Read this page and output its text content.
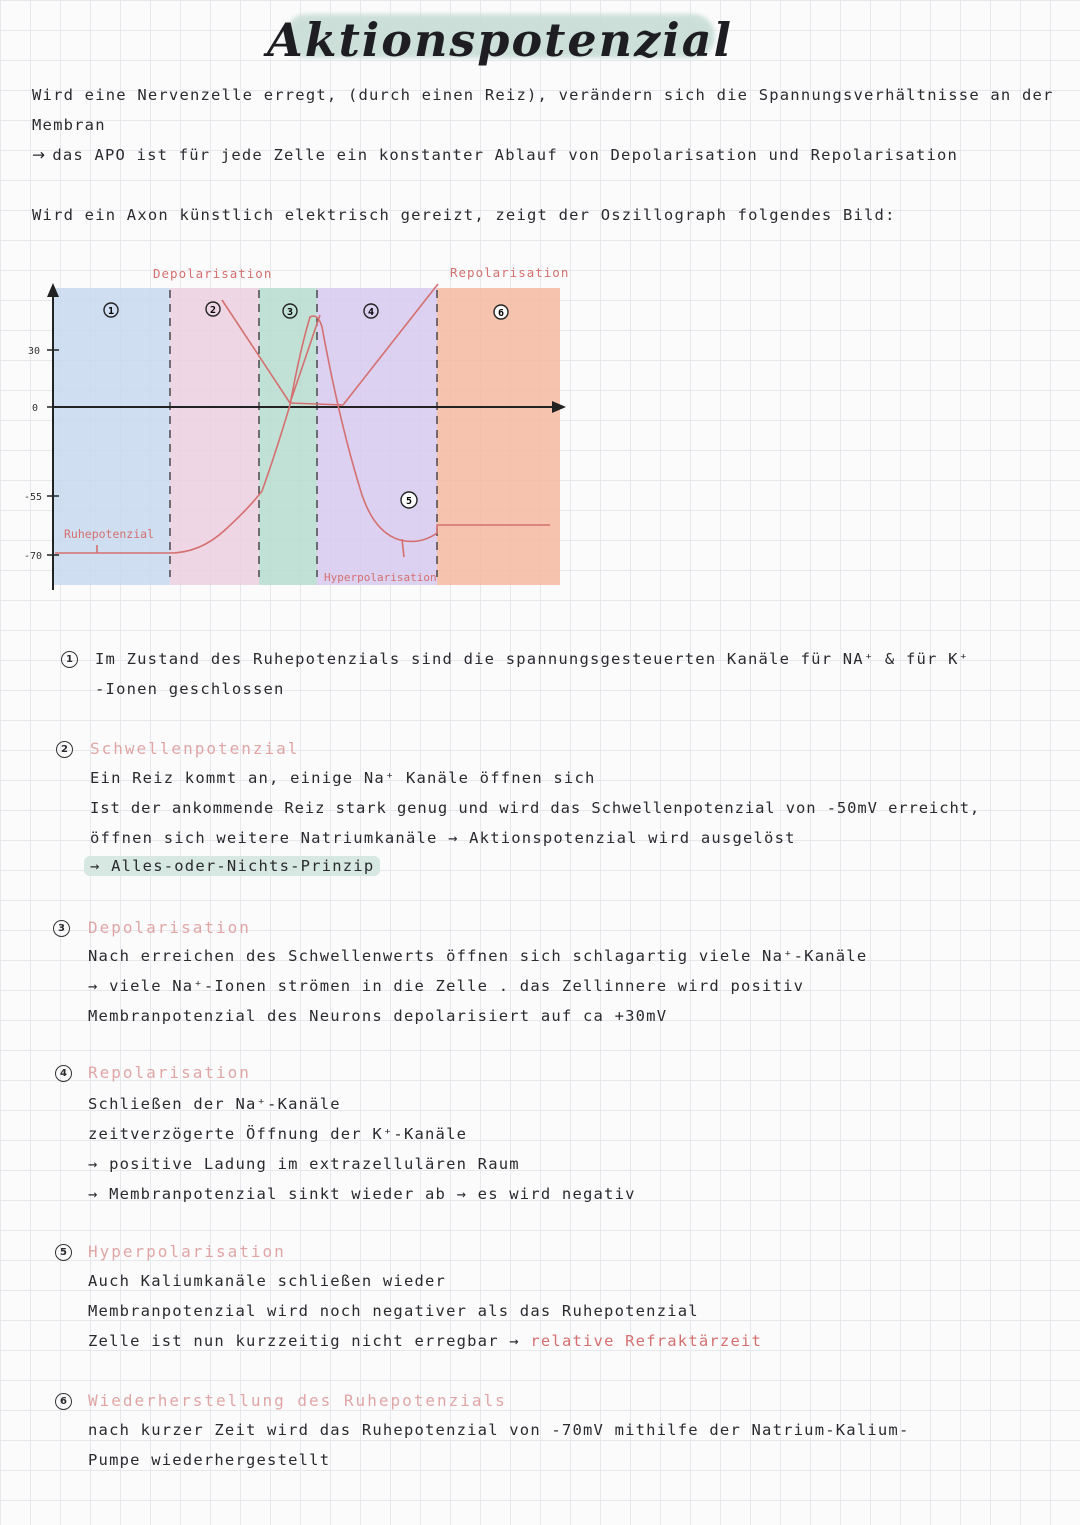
Aktionspotenzial
Wird eine Nervenzelle erregt, (durch einen Reiz), verändern sich die Spannungsverhältnisse an der
Membran
→ das APO ist für jede Zelle ein konstanter Ablauf von Depolarisation und Repolarisation
Wird ein Axon künstlich elektrisch gereizt, zeigt der Oszillograph folgendes Bild:
30
0
-55
-70
1	2	3	4
5
6
Depolarisation	Repolarisation
Ruhepotenzial
Hyperpolarisation
1	Im Zustand des Ruhepotenzials sind die spannungsgesteuerten Kanäle für NA⁺ & für K⁺
-Ionen geschlossen
2	Schwellenpotenzial
Ein Reiz kommt an, einige Na⁺ Kanäle öffnen sich
Ist der ankommende Reiz stark genug und wird das Schwellenpotenzial von -50mV erreicht,
öffnen sich weitere Natriumkanäle → Aktionspotenzial wird ausgelöst
→ Alles-oder-Nichts-Prinzip
3	Depolarisation
Nach erreichen des Schwellenwerts öffnen sich schlagartig viele Na⁺-Kanäle
→ viele Na⁺-Ionen strömen in die Zelle . das Zellinnere wird positiv
Membranpotenzial des Neurons depolarisiert auf ca +30mV
4	Repolarisation
Schließen der Na⁺-Kanäle
zeitverzögerte Öffnung der K⁺-Kanäle
→ positive Ladung im extrazellulären Raum
→ Membranpotenzial sinkt wieder ab → es wird negativ
5	Hyperpolarisation
Auch Kaliumkanäle schließen wieder
Membranpotenzial wird noch negativer als das Ruhepotenzial
Zelle ist nun kurzzeitig nicht erregbar → relative Refraktärzeit
6	Wiederherstellung des Ruhepotenzials
nach kurzer Zeit wird das Ruhepotenzial von -70mV mithilfe der Natrium-Kalium-
Pumpe wiederhergestellt
